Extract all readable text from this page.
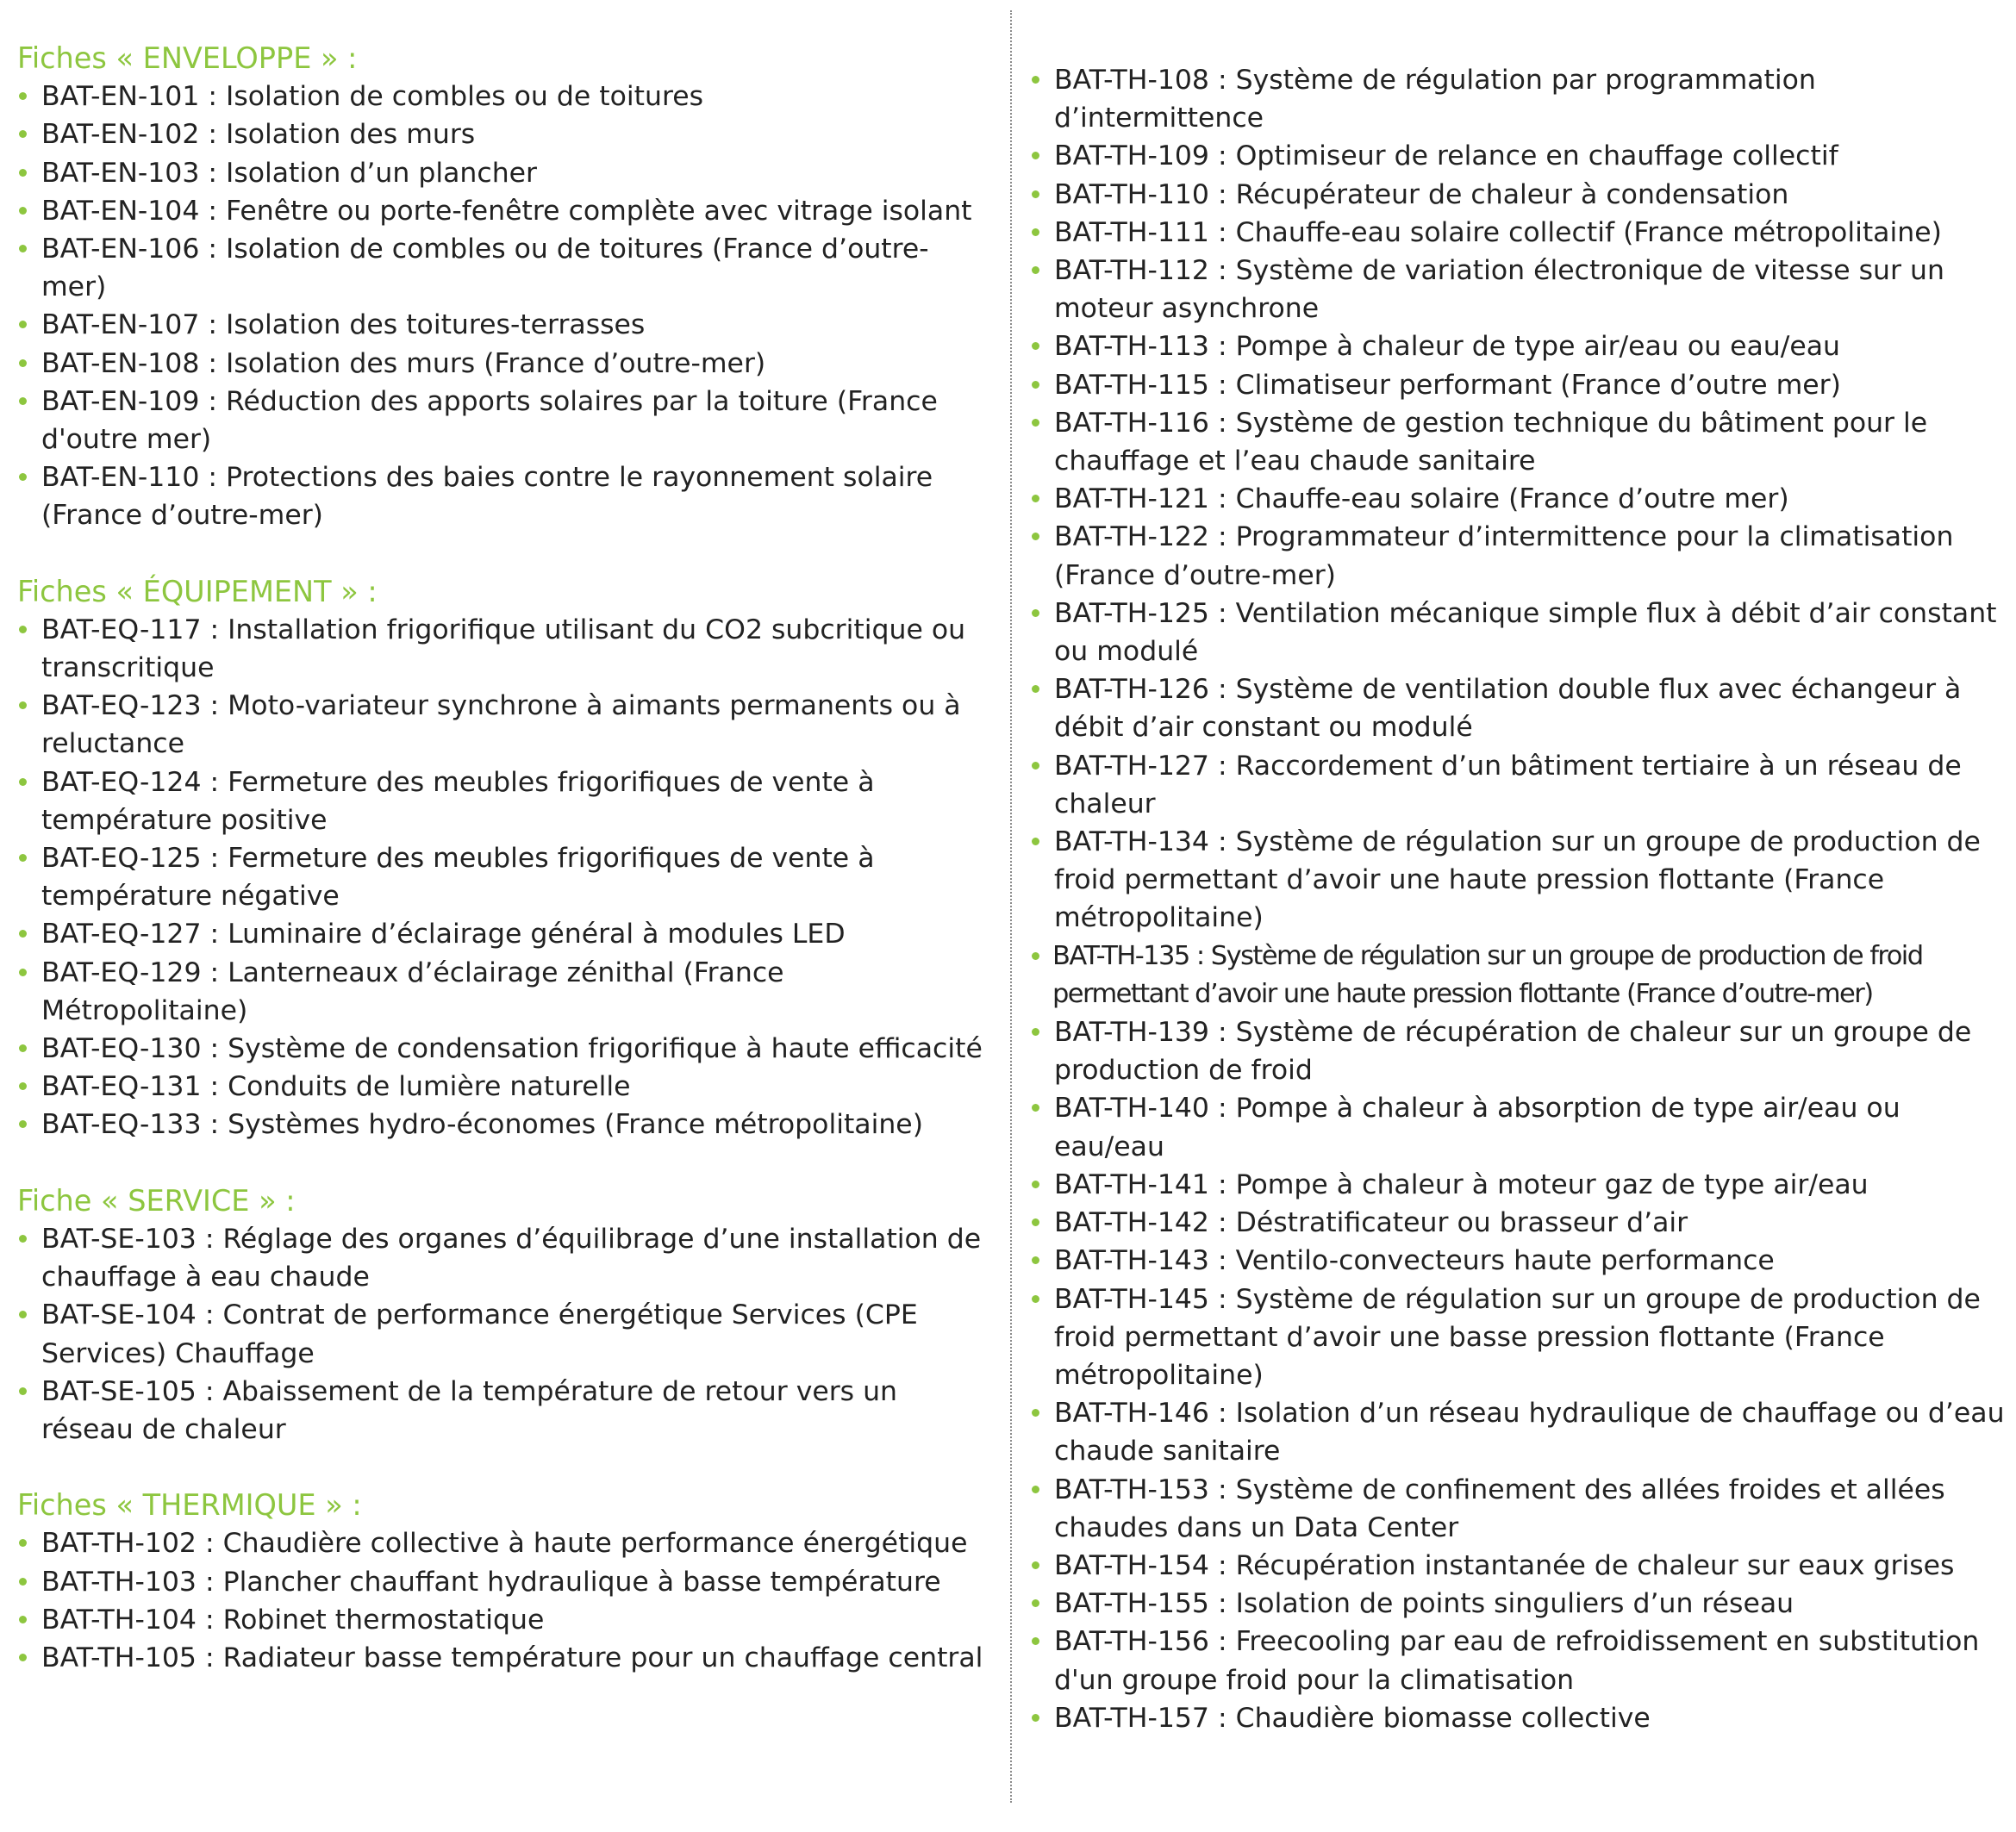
Fiches « ENVELOPPE » :
BAT-EN-101 : Isolation de combles ou de toitures
BAT-EN-102 : Isolation des murs
BAT-EN-103 : Isolation d’un plancher
BAT-EN-104 : Fenêtre ou porte-fenêtre complète avec vitrage isolant
BAT-EN-106 : Isolation de combles ou de toitures (France d’outre-mer)
BAT-EN-107 : Isolation des toitures-terrasses
BAT-EN-108 : Isolation des murs (France d’outre-mer)
BAT-EN-109 : Réduction des apports solaires par la toiture (France d'outre mer)
BAT-EN-110 : Protections des baies contre le rayonnement solaire (France d’outre-mer)
Fiches « ÉQUIPEMENT » :
BAT-EQ-117 : Installation frigorifique utilisant du CO2 subcritique ou transcritique
BAT-EQ-123 : Moto-variateur synchrone à aimants permanents ou à reluctance
BAT-EQ-124 : Fermeture des meubles frigorifiques de vente à température positive
BAT-EQ-125 : Fermeture des meubles frigorifiques de vente à température négative
BAT-EQ-127 : Luminaire d’éclairage général à modules LED
BAT-EQ-129 : Lanterneaux d’éclairage zénithal (France Métropolitaine)
BAT-EQ-130 : Système de condensation frigorifique à haute efficacité
BAT-EQ-131 : Conduits de lumière naturelle
BAT-EQ-133 : Systèmes hydro-économes (France métropolitaine)
Fiche « SERVICE » :
BAT-SE-103 : Réglage des organes d’équilibrage d’une installation de chauffage à eau chaude
BAT-SE-104 : Contrat de performance énergétique Services (CPE Services) Chauffage
BAT-SE-105 : Abaissement de la température de retour vers un réseau de chaleur
Fiches « THERMIQUE » :
BAT-TH-102 : Chaudière collective à haute performance énergétique
BAT-TH-103 : Plancher chauffant hydraulique à basse température
BAT-TH-104 : Robinet thermostatique
BAT-TH-105 : Radiateur basse température pour un chauffage central
BAT-TH-108 : Système de régulation par programmation d’intermittence
BAT-TH-109 : Optimiseur de relance en chauffage collectif
BAT-TH-110 : Récupérateur de chaleur à condensation
BAT-TH-111 : Chauffe-eau solaire collectif (France métropolitaine)
BAT-TH-112 : Système de variation électronique de vitesse sur un moteur asynchrone
BAT-TH-113 : Pompe à chaleur de type air/eau ou eau/eau
BAT-TH-115 : Climatiseur performant (France d’outre mer)
BAT-TH-116 : Système de gestion technique du bâtiment pour le chauffage et l’eau chaude sanitaire
BAT-TH-121 : Chauffe-eau solaire (France d’outre mer)
BAT-TH-122 : Programmateur d’intermittence pour la climatisation (France d’outre-mer)
BAT-TH-125 : Ventilation mécanique simple flux à débit d’air constant ou modulé
BAT-TH-126 : Système de ventilation double flux avec échangeur à débit d’air constant ou modulé
BAT-TH-127 : Raccordement d’un bâtiment tertiaire à un réseau de chaleur
BAT-TH-134 : Système de régulation sur un groupe de production de froid permettant d’avoir une haute pression flottante (France métropolitaine)
BAT-TH-135 : Système de régulation sur un groupe de production de froid permettant d’avoir une haute pression flottante (France d’outre-mer)
BAT-TH-139 : Système de récupération de chaleur sur un groupe de production de froid
BAT-TH-140 : Pompe à chaleur à absorption de type air/eau ou eau/eau
BAT-TH-141 : Pompe à chaleur à moteur gaz de type air/eau
BAT-TH-142 : Déstratificateur ou brasseur d’air
BAT-TH-143 : Ventilo-convecteurs haute performance
BAT-TH-145 : Système de régulation sur un groupe de production de froid permettant d’avoir une basse pression flottante (France métropolitaine)
BAT-TH-146 : Isolation d’un réseau hydraulique de chauffage ou d’eau chaude sanitaire
BAT-TH-153 : Système de confinement des allées froides et allées chaudes dans un Data Center
BAT-TH-154 : Récupération instantanée de chaleur sur eaux grises
BAT-TH-155 : Isolation de points singuliers d’un réseau
BAT-TH-156 : Freecooling par eau de refroidissement en substitution d'un groupe froid pour la climatisation
BAT-TH-157 : Chaudière biomasse collective
